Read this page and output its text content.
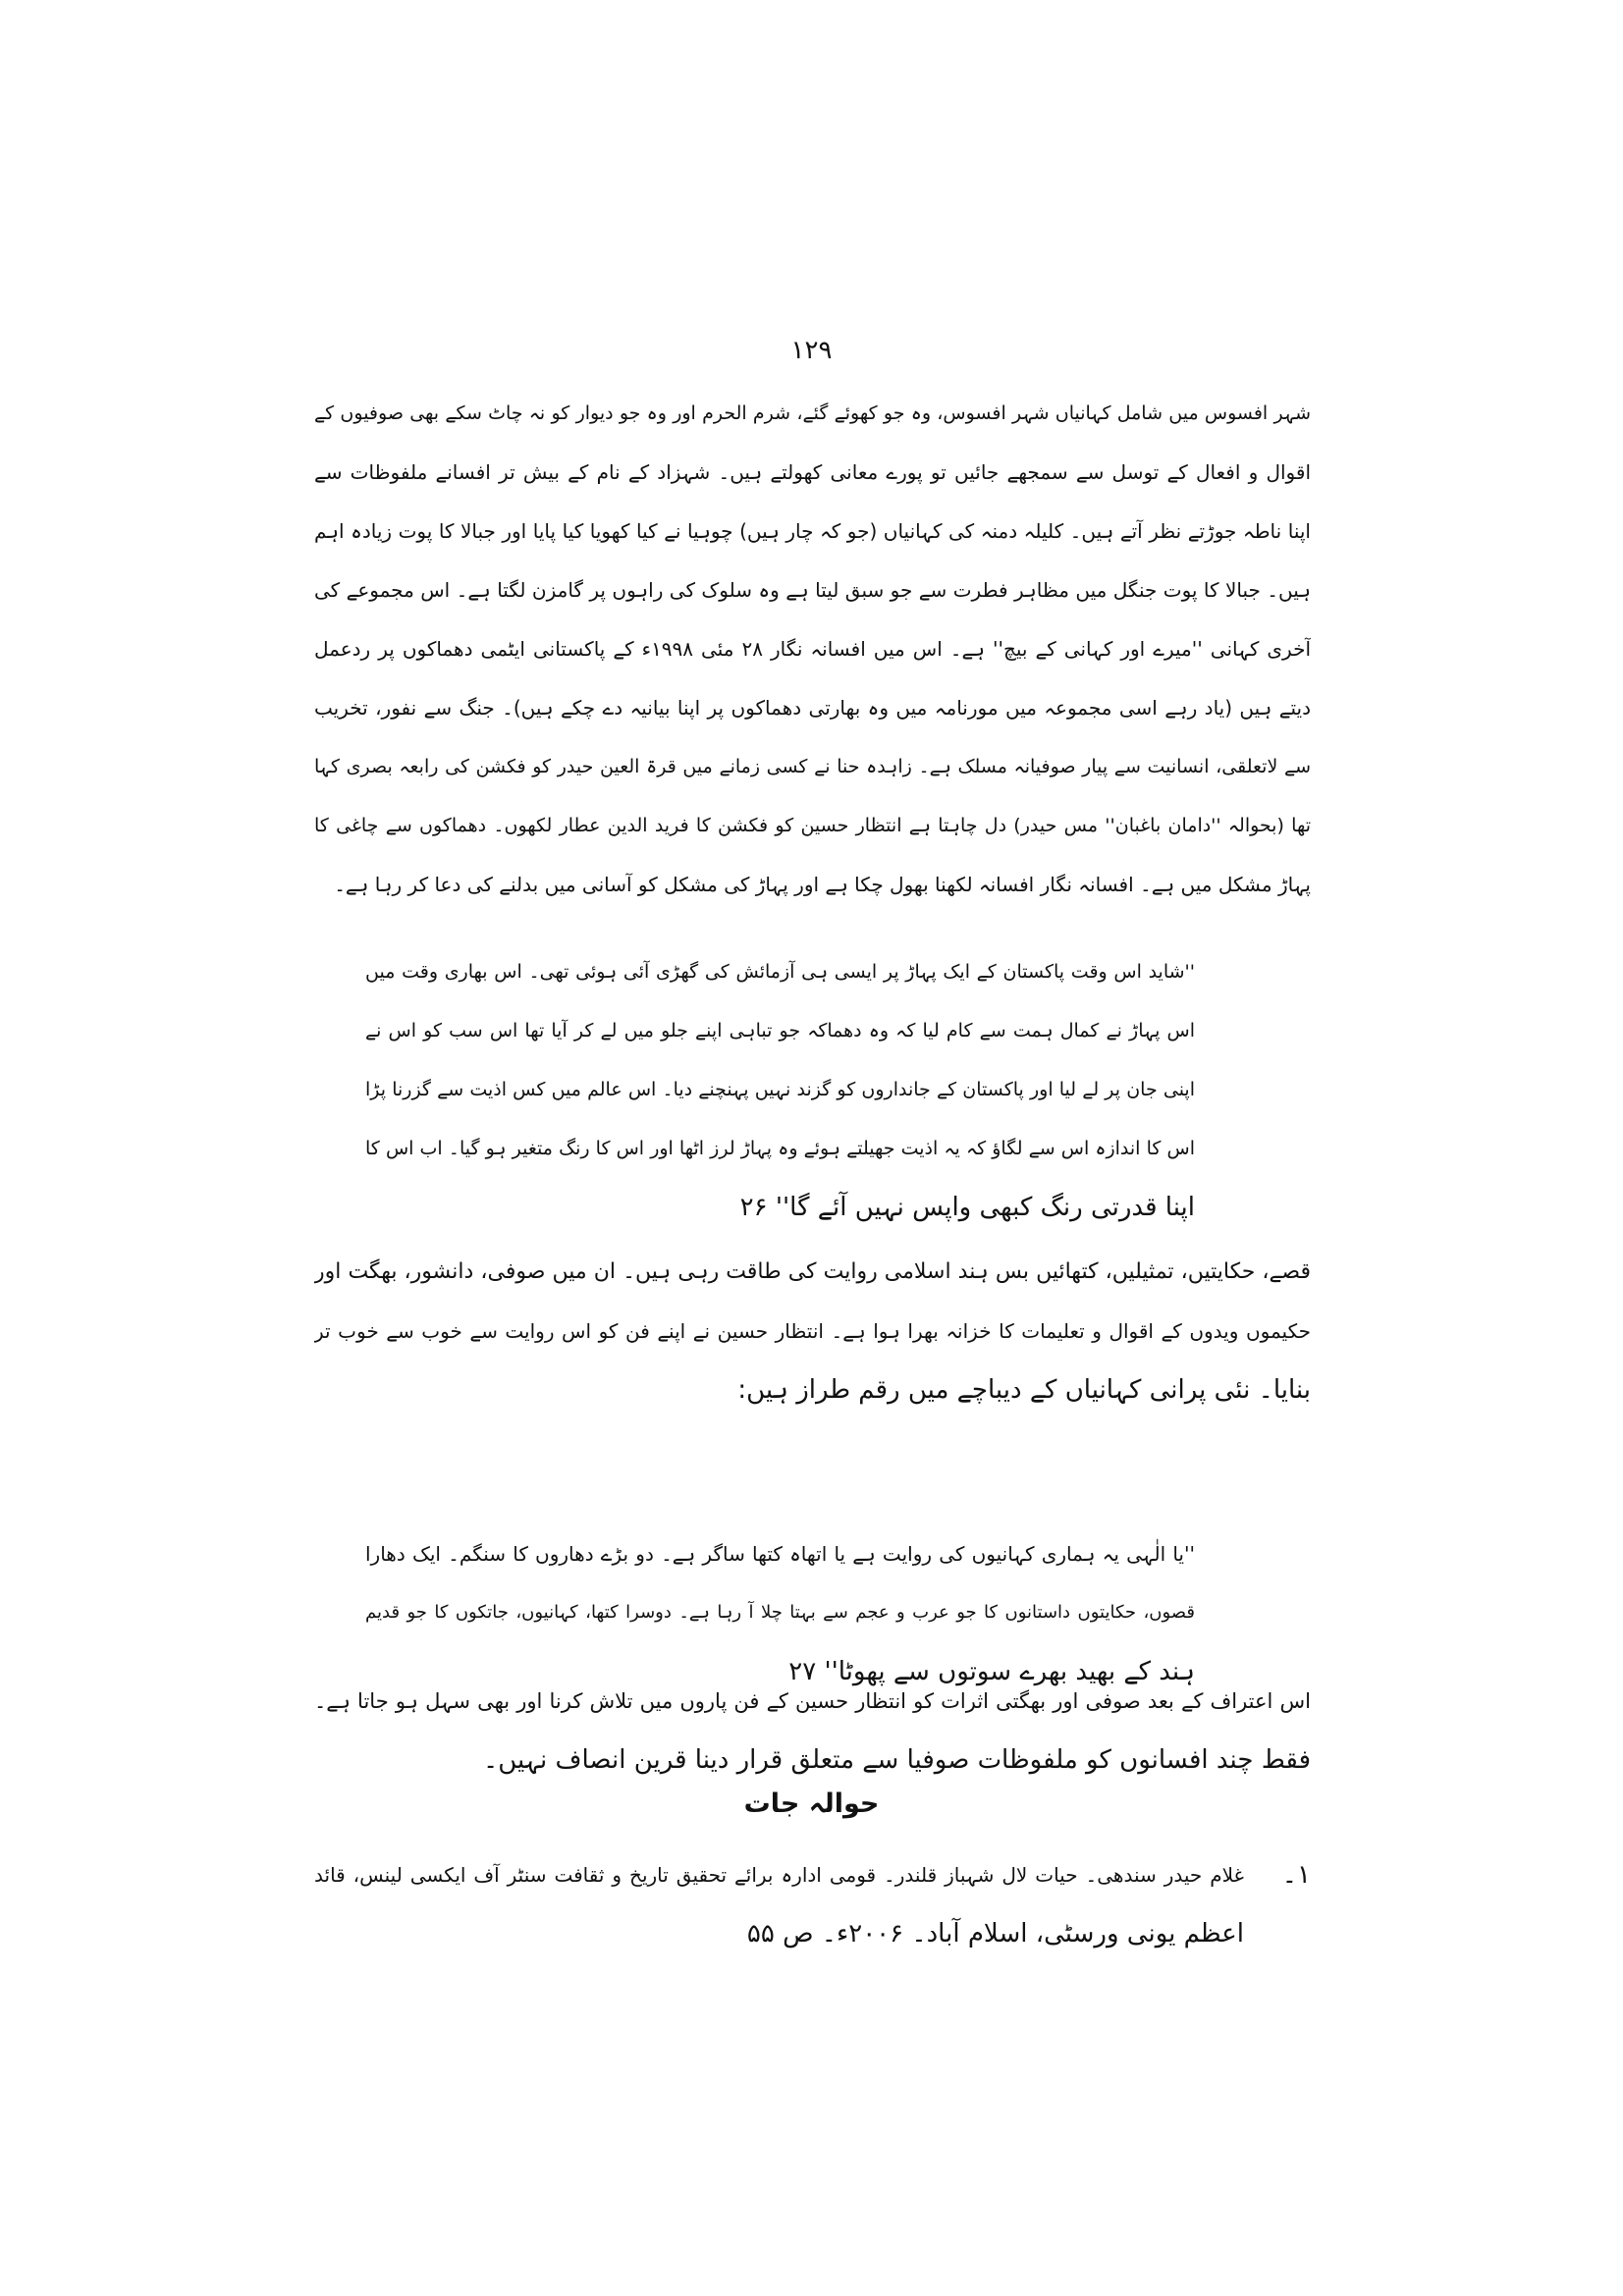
۱۲۹
شہر افسوس میں شامل کہانیاں شہر افسوس، وہ جو کھوئے گئے، شرم الحرم اور وہ جو دیوار کو نہ چاٹ سکے بھی صوفیوں کے
اقوال و افعال کے توسل سے سمجھے جائیں تو پورے معانی کھولتے ہیں۔ شہزاد کے نام کے بیش تر افسانے ملفوظات سے
اپنا ناطہ جوڑتے نظر آتے ہیں۔ کلیلہ دمنہ کی کہانیاں (جو کہ چار ہیں) چوہیا نے کیا کھویا کیا پایا اور جبالا کا پوت زیادہ اہم
ہیں۔ جبالا کا پوت جنگل میں مظاہر فطرت سے جو سبق لیتا ہے وہ سلوک کی راہوں پر گامزن لگتا ہے۔ اس مجموعے کی
آخری کہانی ''میرے اور کہانی کے بیچ'' ہے۔ اس میں افسانہ نگار ۲۸ مئی ۱۹۹۸ء کے پاکستانی ایٹمی دھماکوں پر ردعمل
دیتے ہیں (یاد رہے اسی مجموعہ میں مورنامہ میں وہ بھارتی دھماکوں پر اپنا بیانیہ دے چکے ہیں)۔ جنگ سے نفور، تخریب
سے لاتعلقی، انسانیت سے پیار صوفیانہ مسلک ہے۔ زاہدہ حنا نے کسی زمانے میں قرۃ العین حیدر کو فکشن کی رابعہ بصری کہا
تھا (بحوالہ ''دامان باغبان'' مس حیدر) دل چاہتا ہے انتظار حسین کو فکشن کا فرید الدین عطار لکھوں۔ دھماکوں سے چاغی کا
پہاڑ مشکل میں ہے۔ افسانہ نگار افسانہ لکھنا بھول چکا ہے اور پہاڑ کی مشکل کو آسانی میں بدلنے کی دعا کر رہا ہے۔
''شاید اس وقت پاکستان کے ایک پہاڑ پر ایسی ہی آزمائش کی گھڑی آئی ہوئی تھی۔ اس بھاری وقت میں
اس پہاڑ نے کمال ہمت سے کام لیا کہ وہ دھماکہ جو تباہی اپنے جلو میں لے کر آیا تھا اس سب کو اس نے
اپنی جان پر لے لیا اور پاکستان کے جانداروں کو گزند نہیں پہنچنے دیا۔ اس عالم میں کس اذیت سے گزرنا پڑا
اس کا اندازہ اس سے لگاؤ کہ یہ اذیت جھیلتے ہوئے وہ پہاڑ لرز اٹھا اور اس کا رنگ متغیر ہو گیا۔ اب اس کا
اپنا قدرتی رنگ کبھی واپس نہیں آئے گا'' ۲۶
قصے، حکایتیں، تمثیلیں، کتھائیں بس ہند اسلامی روایت کی طاقت رہی ہیں۔ ان میں صوفی، دانشور، بھگت اور
حکیموں ویدوں کے اقوال و تعلیمات کا خزانہ بھرا ہوا ہے۔ انتظار حسین نے اپنے فن کو اس روایت سے خوب سے خوب تر
بنایا۔ نئی پرانی کہانیاں کے دیباچے میں رقم طراز ہیں:
''یا الٰہی یہ ہماری کہانیوں کی روایت ہے یا اتھاہ کتھا ساگر ہے۔ دو بڑے دھاروں کا سنگم۔ ایک دھارا
قصوں، حکایتوں داستانوں کا جو عرب و عجم سے بہتا چلا آ رہا ہے۔ دوسرا کتھا، کہانیوں، جاتکوں کا جو قدیم
ہند کے بھید بھرے سوتوں سے پھوٹا'' ۲۷
اس اعتراف کے بعد صوفی اور بھگتی اثرات کو انتظار حسین کے فن پاروں میں تلاش کرنا اور بھی سہل ہو جاتا ہے۔
فقط چند افسانوں کو ملفوظات صوفیا سے متعلق قرار دینا قرین انصاف نہیں۔
حوالہ جات
۱۔
غلام حیدر سندھی۔ حیات لال شہباز قلندر۔ قومی ادارہ برائے تحقیق تاریخ و ثقافت سنٹر آف ایکسی لینس، قائد
اعظم یونی ورسٹی، اسلام آباد۔ ۲۰۰۶ء۔ ص ۵۵
